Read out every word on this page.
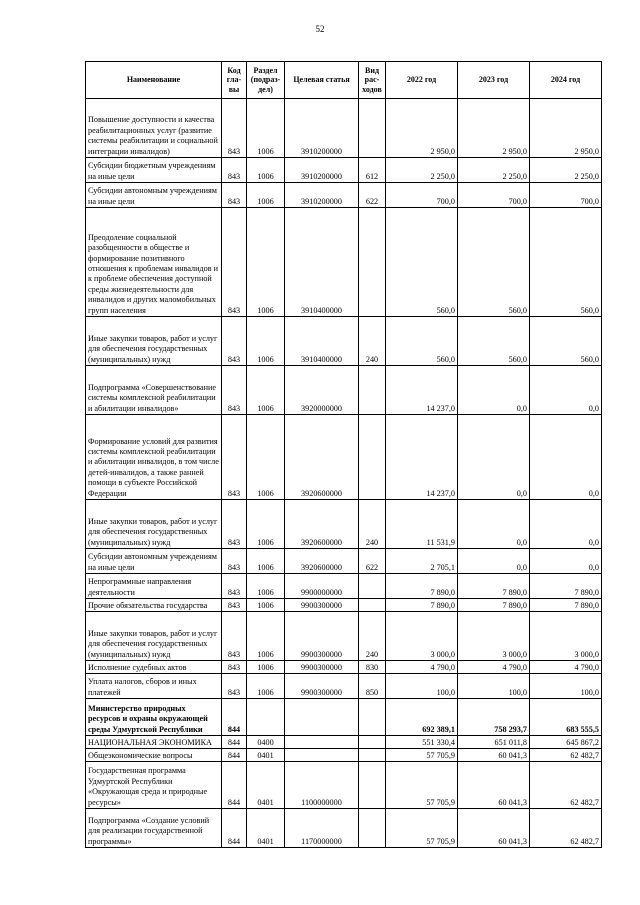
52
Наименование	Код гла-вы	Раздел (подраз-дел)	Целевая статья	Вид рас-ходов	2022 год	2023 год	2024 год
Повышение доступности и качества реабилитационных услуг (развитие системы реабилитации и социальной интеграции инвалидов)	843	1006	3910200000		2 950,0	2 950,0	2 950,0
Субсидии бюджетным учреждениям на иные цели	843	1006	3910200000	612	2 250,0	2 250,0	2 250,0
Субсидии автономным учреждениям на иные цели	843	1006	3910200000	622	700,0	700,0	700,0
Преодоление социальной разобщенности в обществе и формирование позитивного отношения к проблемам инвалидов и к проблеме обеспечения доступной среды жизнедеятельности для инвалидов и других маломобильных групп населения	843	1006	3910400000		560,0	560,0	560,0
Иные закупки товаров, работ и услуг для обеспечения государственных (муниципальных) нужд	843	1006	3910400000	240	560,0	560,0	560,0
Подпрограмма «Совершенствование системы комплексной реабилитации и абилитации инвалидов»	843	1006	3920000000		14 237,0	0,0	0,0
Формирование условий для развития системы комплексной реабилитации и абилитации инвалидов, в том числе детей-инвалидов, а также ранней помощи в субъекте Российской Федерации	843	1006	3920600000		14 237,0	0,0	0,0
Иные закупки товаров, работ и услуг для обеспечения государственных (муниципальных) нужд	843	1006	3920600000	240	11 531,9	0,0	0,0
Субсидии автономным учреждениям на иные цели	843	1006	3920600000	622	2 705,1	0,0	0,0
Непрограммные направления деятельности	843	1006	9900000000		7 890,0	7 890,0	7 890,0
Прочие обязательства государства	843	1006	9900300000		7 890,0	7 890,0	7 890,0
Иные закупки товаров, работ и услуг для обеспечения государственных (муниципальных) нужд	843	1006	9900300000	240	3 000,0	3 000,0	3 000,0
Исполнение судебных актов	843	1006	9900300000	830	4 790,0	4 790,0	4 790,0
Уплата налогов, сборов и иных платежей	843	1006	9900300000	850	100,0	100,0	100,0
Министерство природных ресурсов и охраны окружающей среды Удмуртской Республики	844				692 389,1	758 293,7	683 555,5
НАЦИОНАЛЬНАЯ ЭКОНОМИКА	844	0400			551 330,4	651 011,8	645 867,2
Общеэкономические вопросы	844	0401			57 705,9	60 041,3	62 482,7
Государственная программа Удмуртской Республики «Окружающая среда и природные ресурсы»	844	0401	1100000000		57 705,9	60 041,3	62 482,7
Подпрограмма «Создание условий для реализации государственной программы»	844	0401	1170000000		57 705,9	60 041,3	62 482,7
